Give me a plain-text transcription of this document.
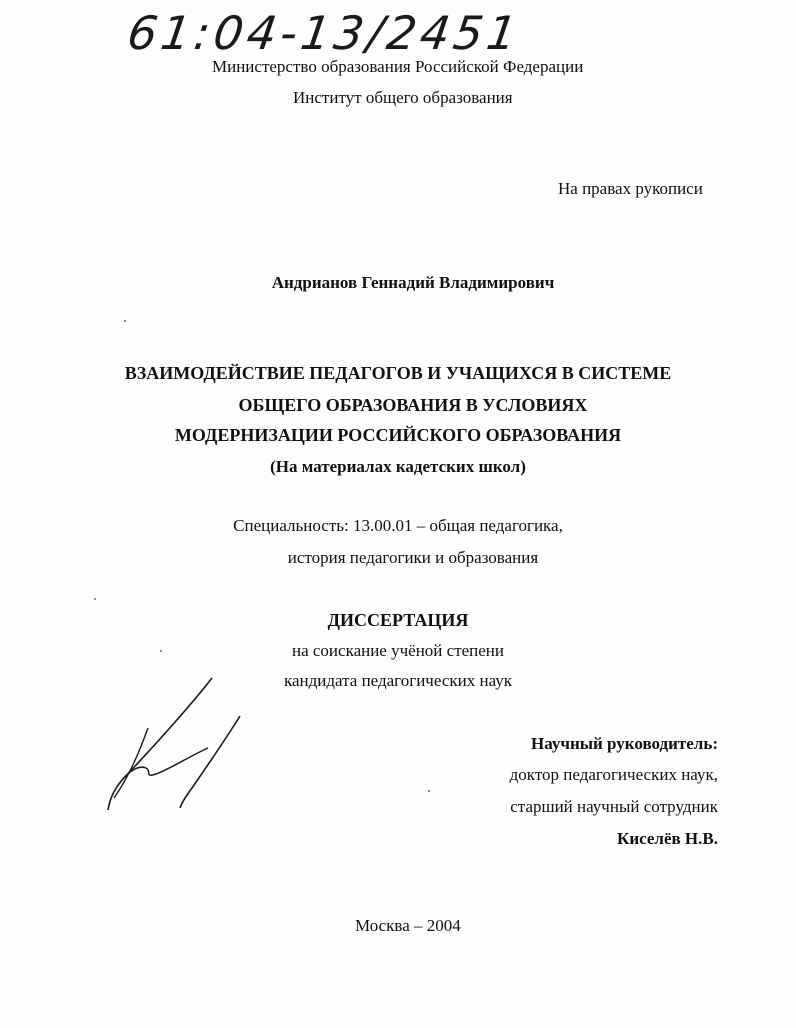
61:04-13/2451
Министерство образования Российской Федерации
Институт общего образования
На правах рукописи
Андрианов Геннадий Владимирович
ВЗАИМОДЕЙСТВИЕ ПЕДАГОГОВ И УЧАЩИХСЯ В СИСТЕМЕ
ОБЩЕГО ОБРАЗОВАНИЯ В УСЛОВИЯХ
МОДЕРНИЗАЦИИ РОССИЙСКОГО ОБРАЗОВАНИЯ
(На материалах кадетских школ)
Специальность: 13.00.01 – общая педагогика,
история педагогики и образования
ДИССЕРТАЦИЯ
на соискание учёной степени
кандидата педагогических наук
Научный руководитель:
доктор педагогических наук,
старший научный сотрудник
Киселёв Н.В.
Москва – 2004
